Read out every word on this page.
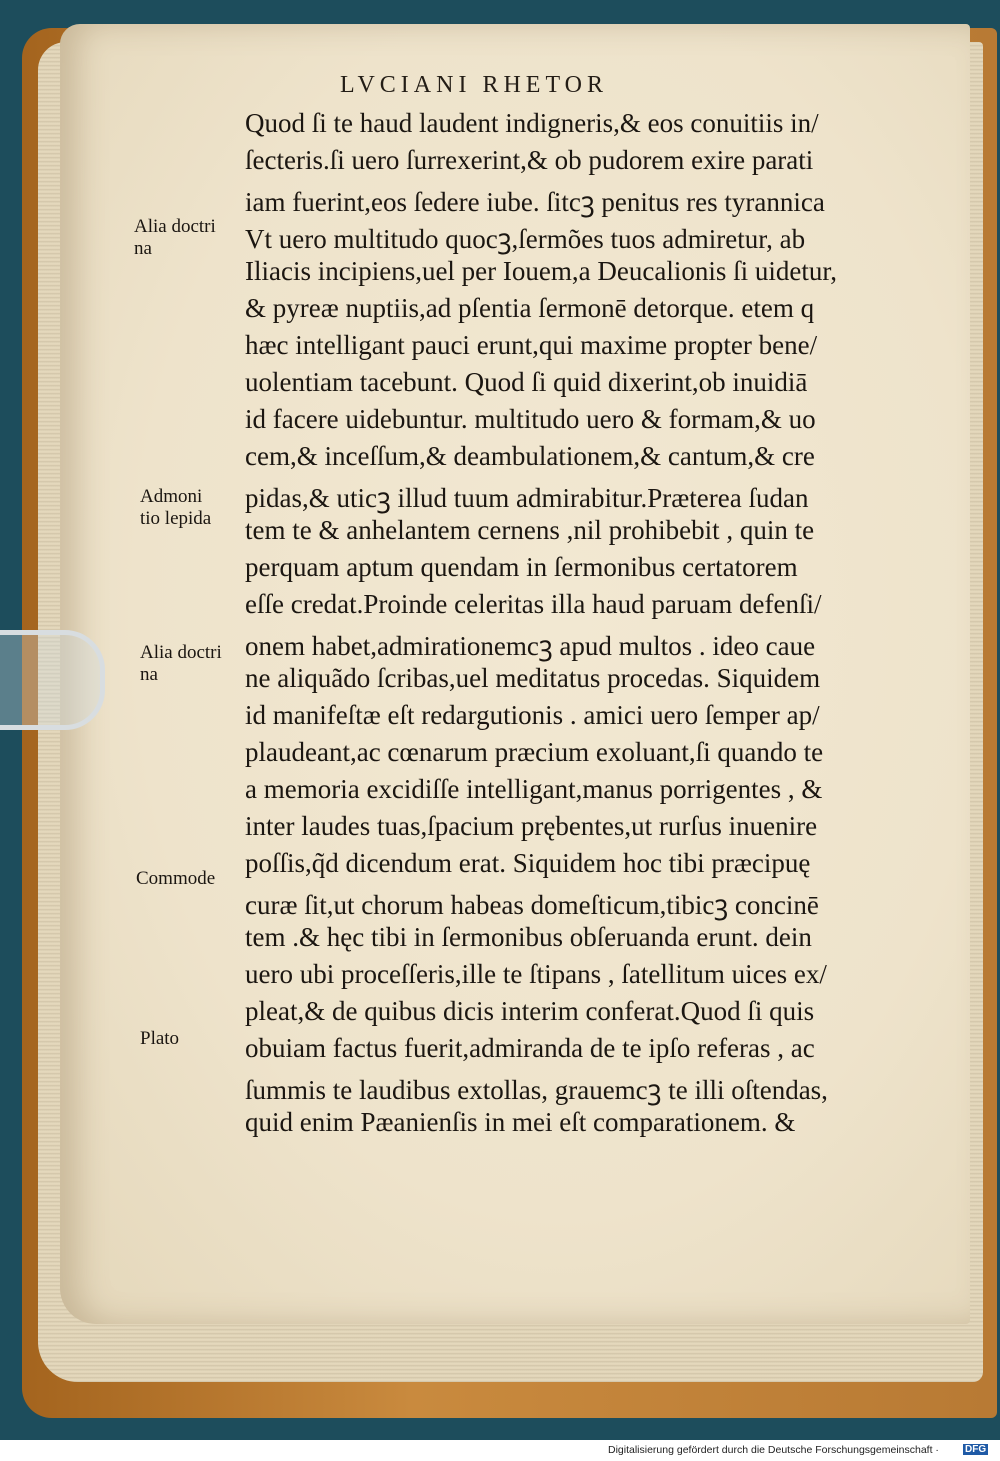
LVCIANI RHETOR
Quod ſi te haud laudent indigneris,& eos conuitiis in/
ſecteris.ſi uero ſurrexerint,& ob pudorem exire parati
iam fuerint,eos ſedere iube. ſitcꝫ penitus res tyrannica
Vt uero multitudo quocꝫ,ſermões tuos admiretur, ab
Iliacis incipiens,uel per Iouem,a Deucalionis ſi uidetur,
& pyreæ nuptiis,ad pſentia ſermonē detorque. etem q
hæc intelligant pauci erunt,qui maxime propter bene/
uolentiam tacebunt. Quod ſi quid dixerint,ob inuidiā
id facere uidebuntur. multitudo uero & formam,& uo
cem,& inceſſum,& deambulationem,& cantum,& cre
pidas,& uticꝫ illud tuum admirabitur.Præterea ſudan
tem te & anhelantem cernens ,nil prohibebit , quin te
perquam aptum quendam in ſermonibus certatorem
eſſe credat.Proinde celeritas illa haud paruam defenſi/
onem habet,admirationemcꝫ apud multos . ideo caue
ne aliquãdo ſcribas,uel meditatus procedas. Siquidem
id manifeſtæ eſt redargutionis . amici uero ſemper ap/
plaudeant,ac cœnarum præcium exoluant,ſi quando te
a memoria excidiſſe intelligant,manus porrigentes , &
inter laudes tuas,ſpacium prębentes,ut rurſus inuenire
poſſis,q̃d dicendum erat. Siquidem hoc tibi præcipuę
curæ ſit,ut chorum habeas domeſticum,tibicꝫ concinē
tem .& hęc tibi in ſermonibus obſeruanda erunt. dein
uero ubi proceſſeris,ille te ſtipans , ſatellitum uices ex/
pleat,& de quibus dicis interim conferat.Quod ſi quis
obuiam factus fuerit,admiranda de te ipſo referas , ac
ſummis te laudibus extollas, grauemcꝫ te illi oſtendas,
quid enim Pæanienſis in mei eſt comparationem. &
Alia doctri
na
Admoni
tio lepida
Alia doctri
na
Commode
Plato
Digitalisierung gefördert durch die Deutsche Forschungsgemeinschaft ·	DFG
